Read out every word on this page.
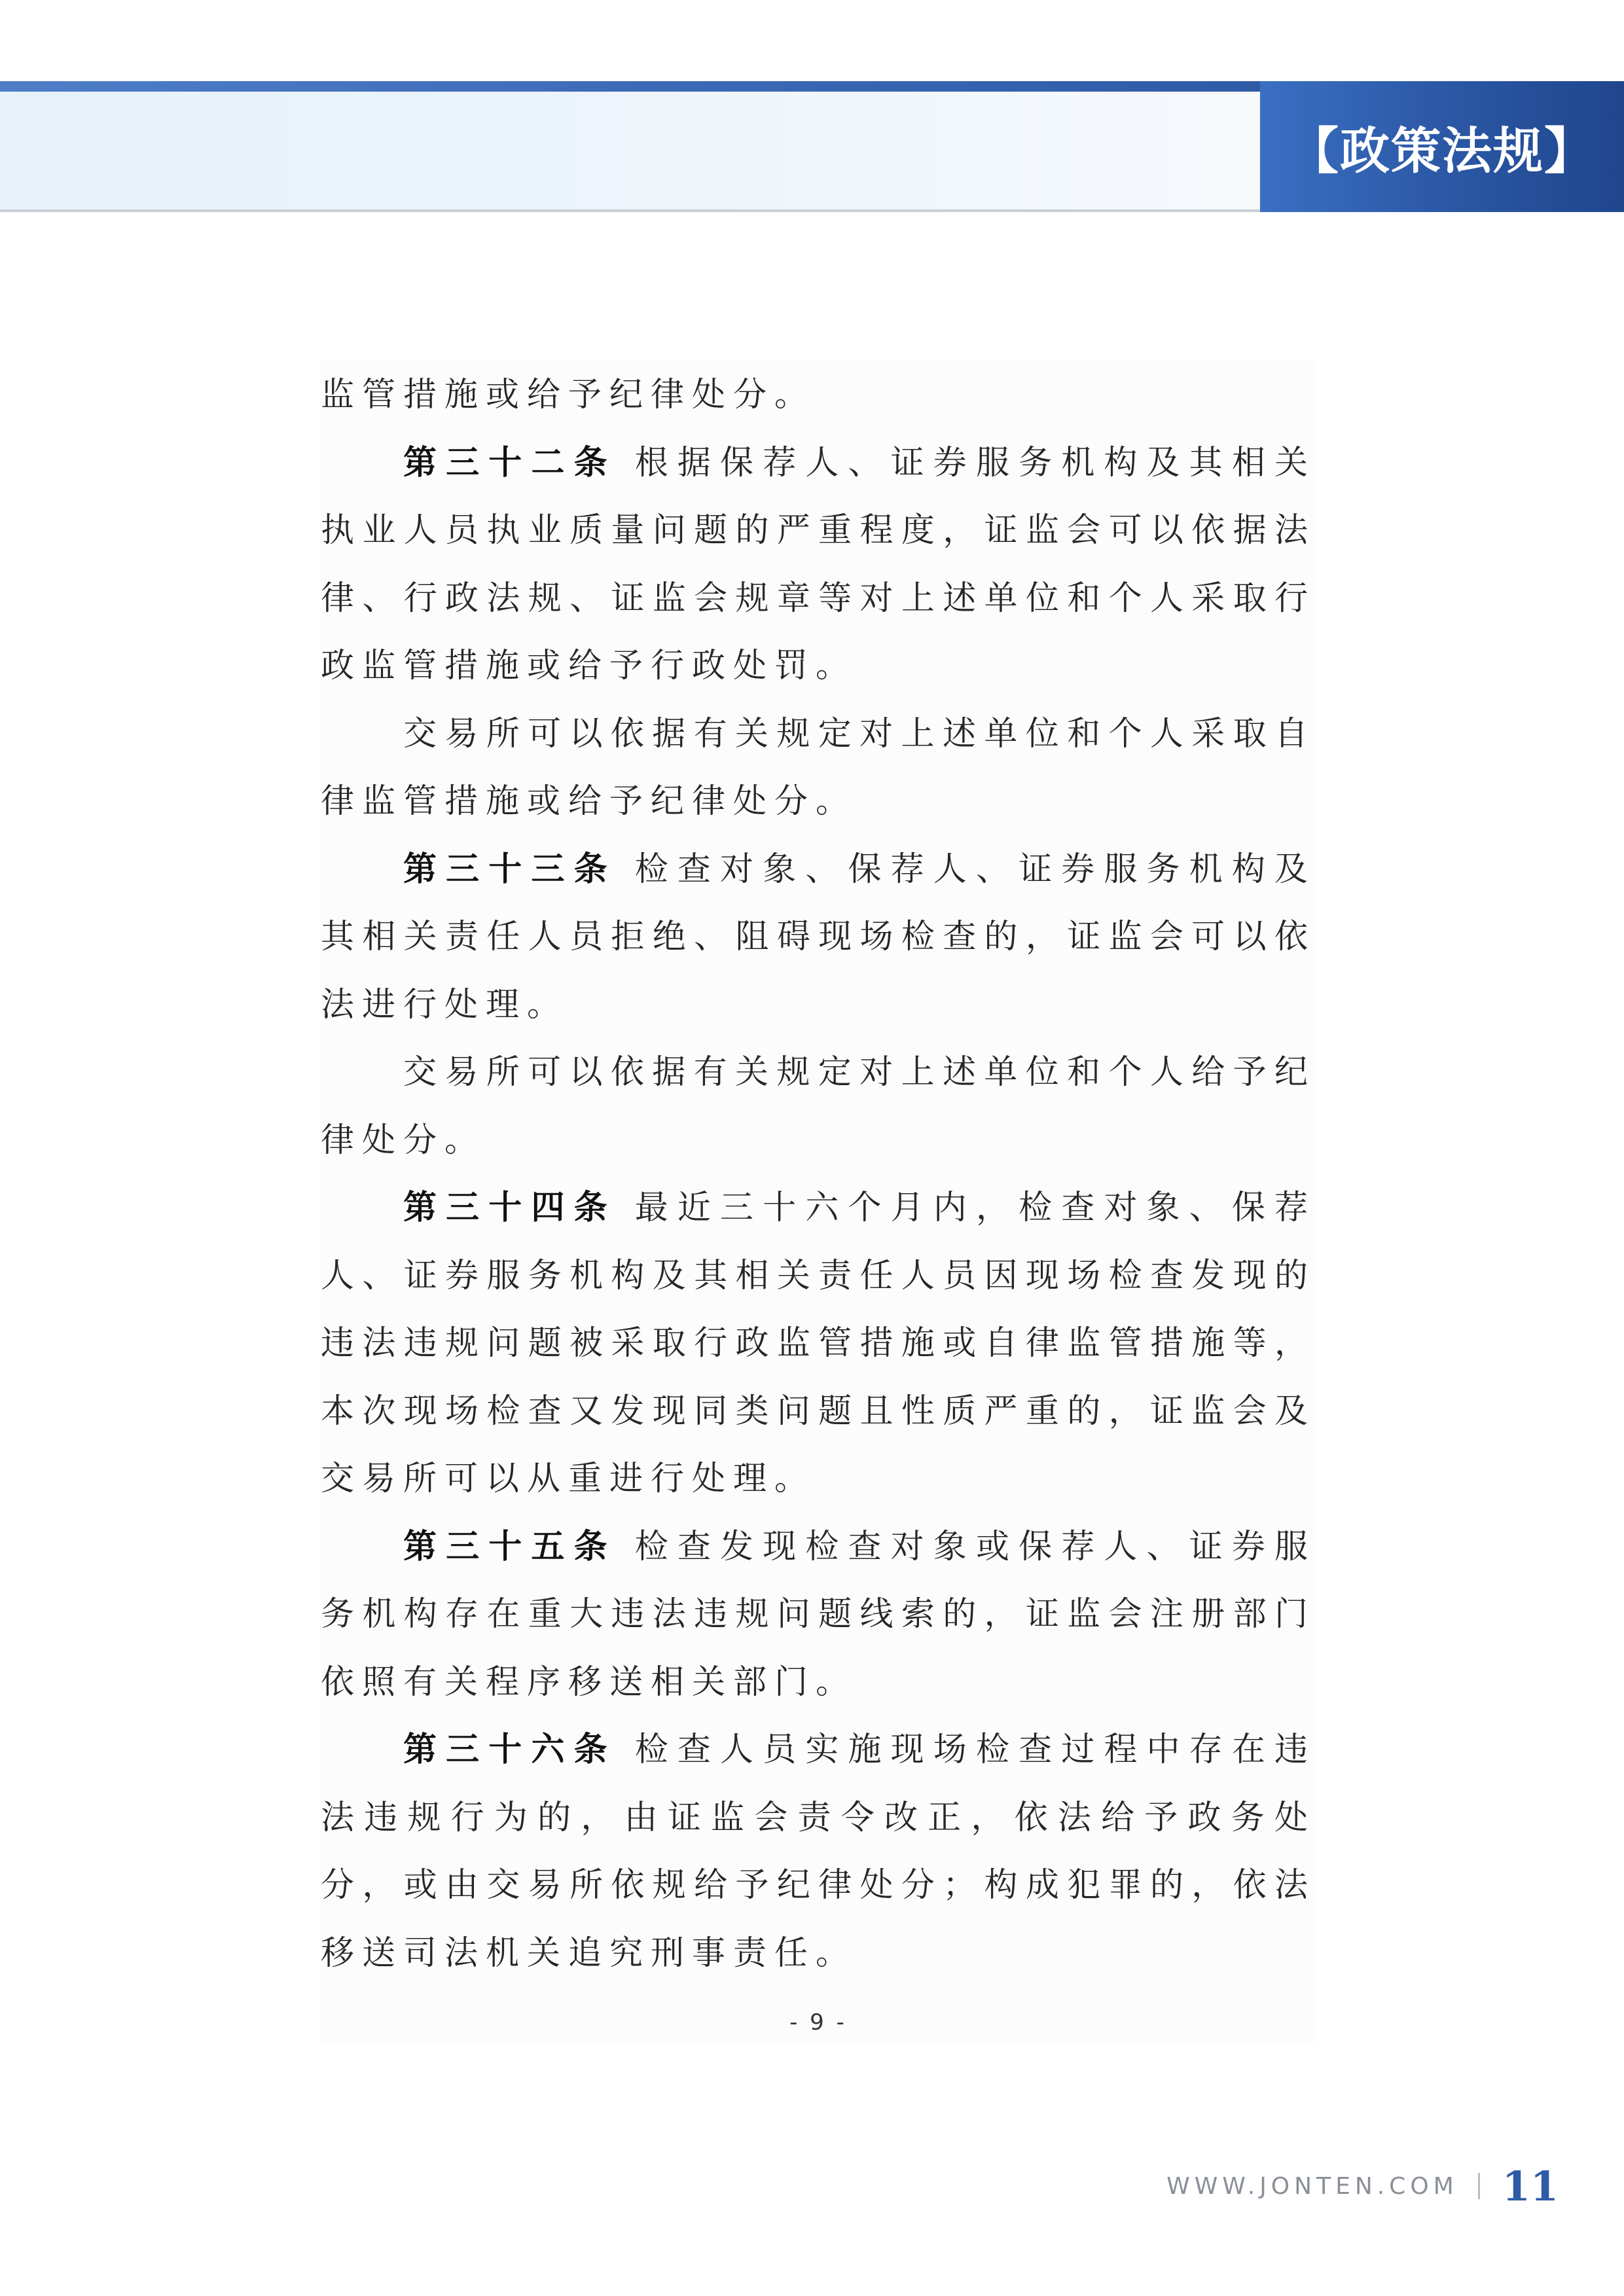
【政策法规】

监管措施或给予纪律处分。

第三十二条 根据保荐人、证券服务机构及其相关执业人员执业质量问题的严重程度，证监会可以依据法律、行政法规、证监会规章等对上述单位和个人采取行政监管措施或给予行政处罚。

交易所可以依据有关规定对上述单位和个人采取自律监管措施或给予纪律处分。

第三十三条 检查对象、保荐人、证券服务机构及其相关责任人员拒绝、阻碍现场检查的，证监会可以依法进行处理。

交易所可以依据有关规定对上述单位和个人给予纪律处分。

第三十四条 最近三十六个月内，检查对象、保荐人、证券服务机构及其相关责任人员因现场检查发现的违法违规问题被采取行政监管措施或自律监管措施等，本次现场检查又发现同类问题且性质严重的，证监会及交易所可以从重进行处理。

第三十五条 检查发现检查对象或保荐人、证券服务机构存在重大违法违规问题线索的，证监会注册部门依照有关程序移送相关部门。

第三十六条 检查人员实施现场检查过程中存在违法违规行为的，由证监会责令改正，依法给予政务处分，或由交易所依规给予纪律处分；构成犯罪的，依法移送司法机关追究刑事责任。

- 9 -
WWW.JONTEN.COM 11
